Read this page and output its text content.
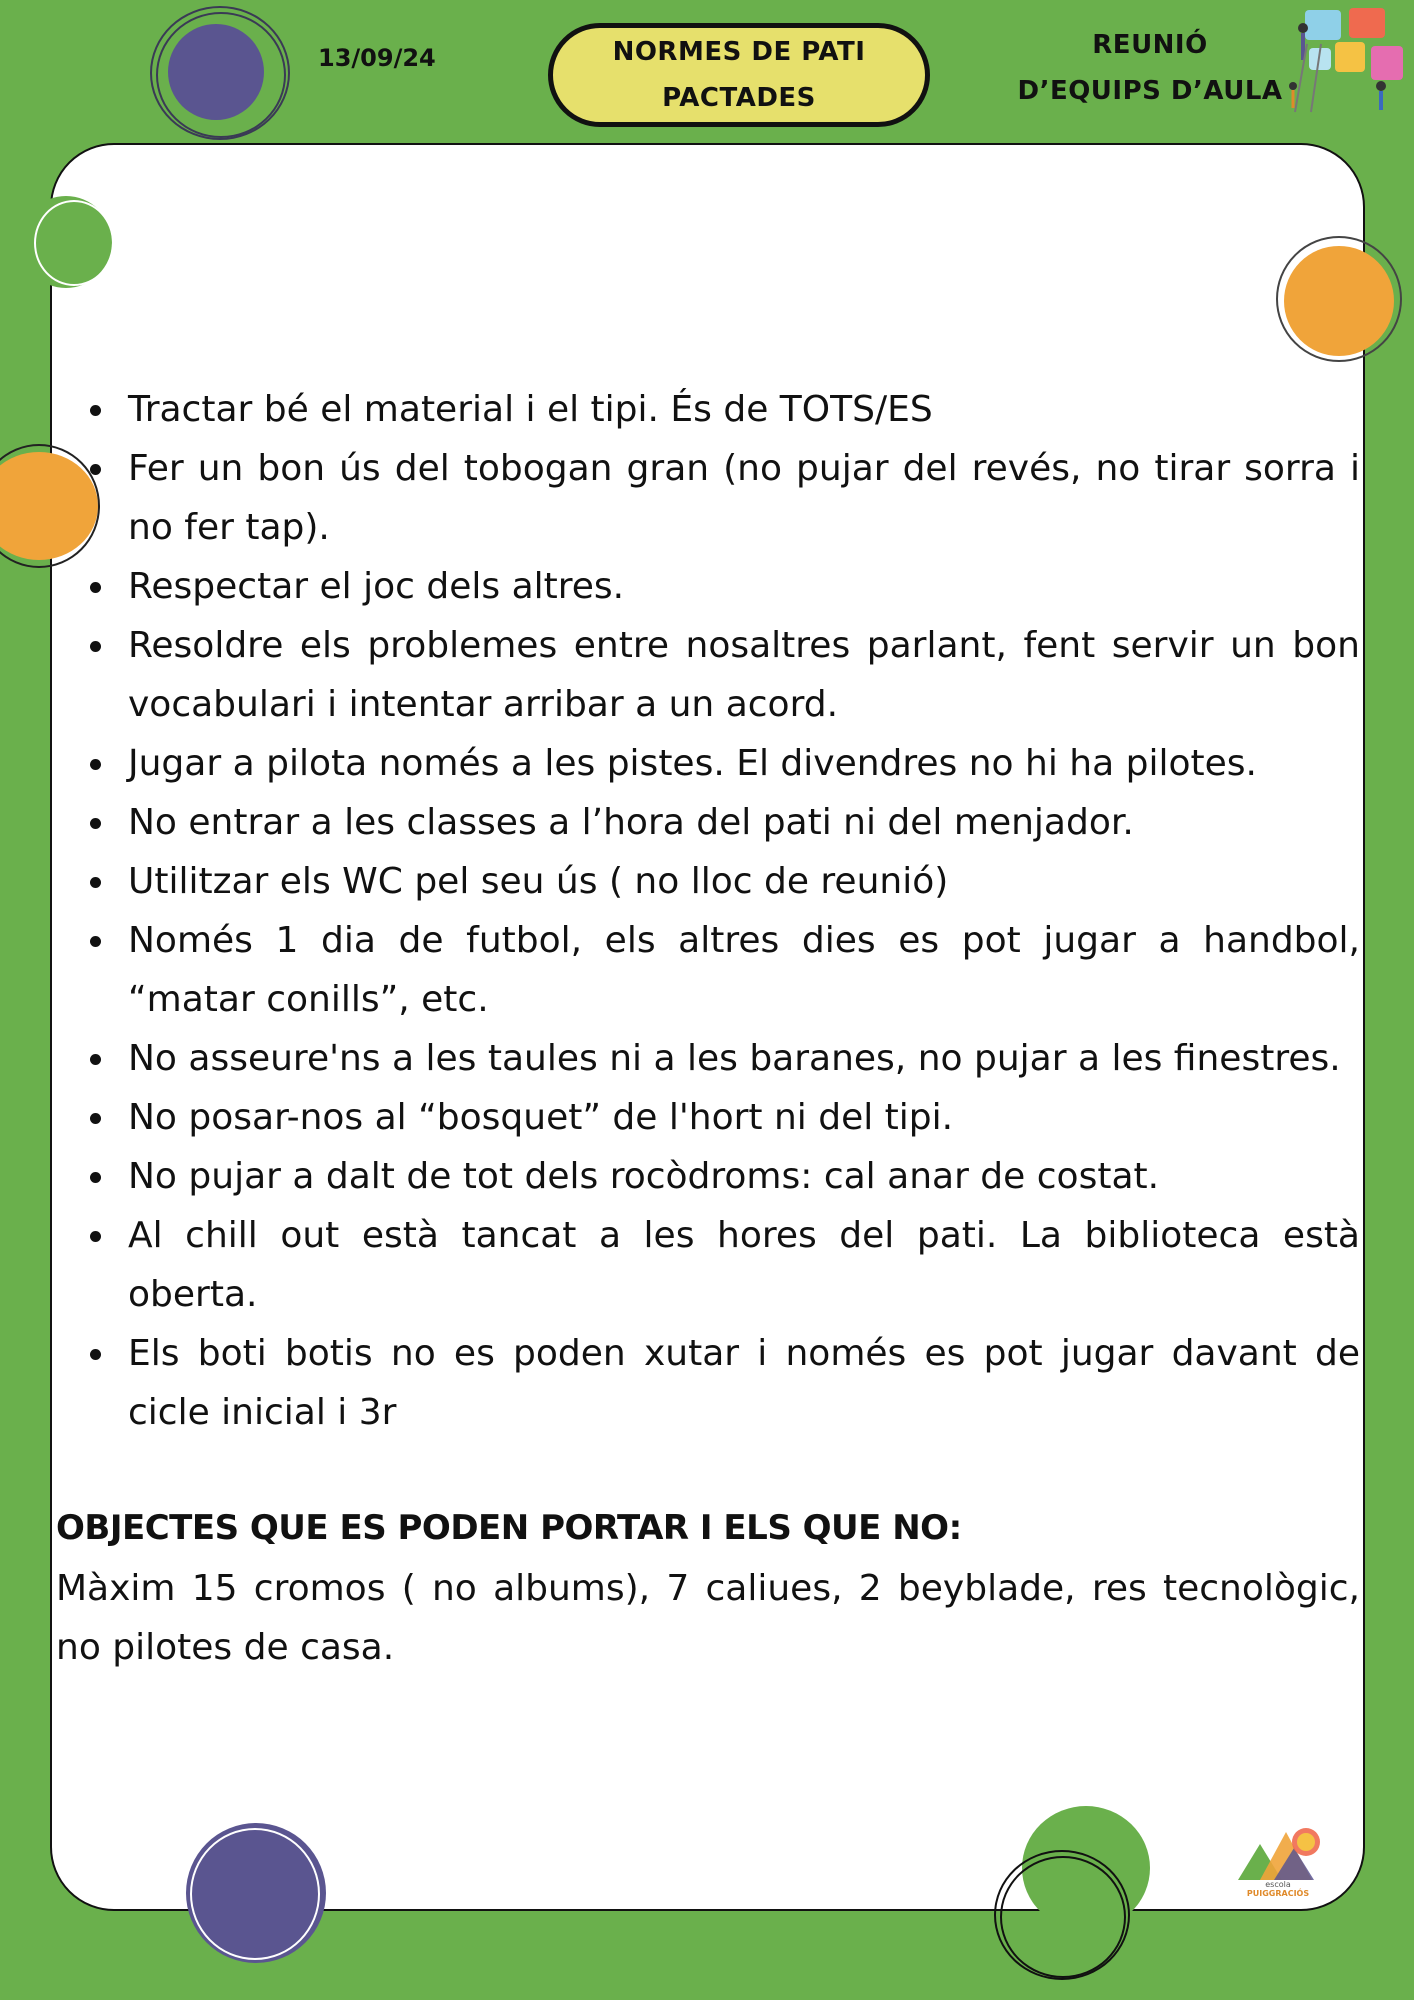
13/09/24	NORMES DE PATI
PACTADES
REUNIÓ
D’EQUIPS D’AULA
Tractar bé el material i el tipi. És de TOTS/ES
Fer un bon ús del tobogan gran (no pujar del revés, no tirar sorra i no fer tap).
Respectar el joc dels altres.
Resoldre els problemes entre nosaltres parlant, fent servir un bon vocabulari i intentar arribar a un acord.
Jugar a pilota només a les pistes. El divendres no hi ha pilotes.
No entrar a les classes a l’hora del pati ni del menjador.
Utilitzar els WC pel seu ús ( no lloc de reunió)
Només 1 dia de futbol, els altres dies es pot jugar a handbol, “matar conills”, etc.
No asseure'ns a les taules ni a les baranes, no pujar a les finestres.
No posar-nos al “bosquet” de l'hort ni del tipi.
No pujar a dalt de tot dels rocòdroms: cal anar de costat.
Al chill out està tancat a les hores del pati. La biblioteca està oberta.
Els boti botis no es poden xutar i només es pot jugar davant de cicle inicial i 3r
OBJECTES QUE ES PODEN PORTAR I ELS QUE NO:
Màxim 15 cromos ( no albums), 7 caliues, 2 beyblade, res tecnològic, no pilotes de casa.
escola
PUIGGRACIÓS
